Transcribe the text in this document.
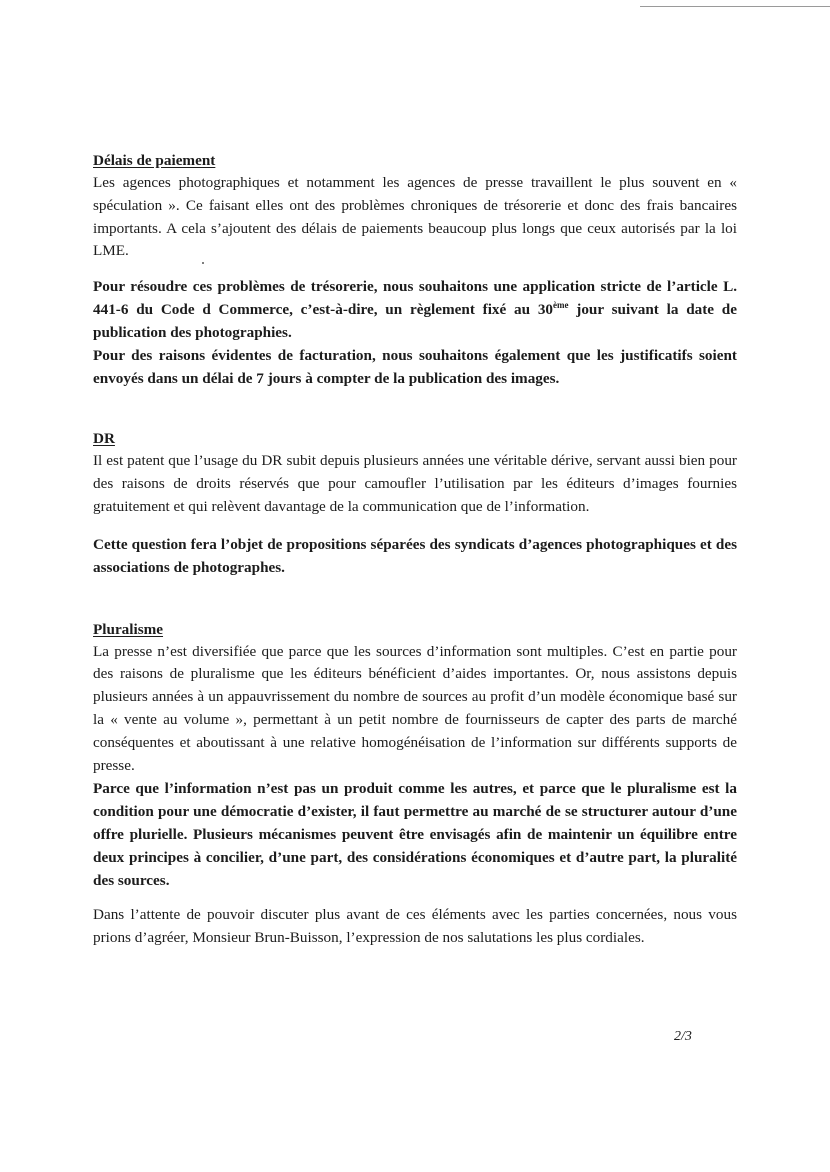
Délais de paiement

Les agences photographiques et notamment les agences de presse travaillent le plus souvent en « spéculation ». Ce faisant elles ont des problèmes chroniques de trésorerie et donc des frais bancaires importants. A cela s’ajoutent des délais de paiements beaucoup plus longs que ceux autorisés par la loi LME.

Pour résoudre ces problèmes de trésorerie, nous souhaitons une application stricte de l’article L. 441-6 du Code d Commerce, c’est-à-dire, un règlement fixé au 30ème jour suivant la date de publication des photographies.

Pour des raisons évidentes de facturation, nous souhaitons également que les justificatifs soient envoyés dans un délai de 7 jours à compter de la publication des images.

DR

Il est patent que l’usage du DR subit depuis plusieurs années une véritable dérive, servant aussi bien pour des raisons de droits réservés que pour camoufler l’utilisation par les éditeurs d’images fournies gratuitement et qui relèvent davantage de la communication que de l’information.

Cette question fera l’objet de propositions séparées des syndicats d’agences photographiques et des associations de photographes.

Pluralisme

La presse n’est diversifiée que parce que les sources d’information sont multiples. C’est en partie pour des raisons de pluralisme que les éditeurs bénéficient d’aides importantes. Or, nous assistons depuis plusieurs années à un appauvrissement du nombre de sources au profit d’un modèle économique basé sur la « vente au volume », permettant à un petit nombre de fournisseurs de capter des parts de marché conséquentes et aboutissant à une relative homogénéisation de l’information sur différents supports de presse.

Parce que l’information n’est pas un produit comme les autres, et parce que le pluralisme est la condition pour une démocratie d’exister, il faut permettre au marché de se structurer autour d’une offre plurielle. Plusieurs mécanismes peuvent être envisagés afin de maintenir un équilibre entre deux principes à concilier, d’une part, des considérations économiques et d’autre part, la pluralité des sources.

Dans l’attente de pouvoir discuter plus avant de ces éléments avec les parties concernées, nous vous prions d’agréer, Monsieur Brun-Buisson, l’expression de nos salutations les plus cordiales.

2/3
